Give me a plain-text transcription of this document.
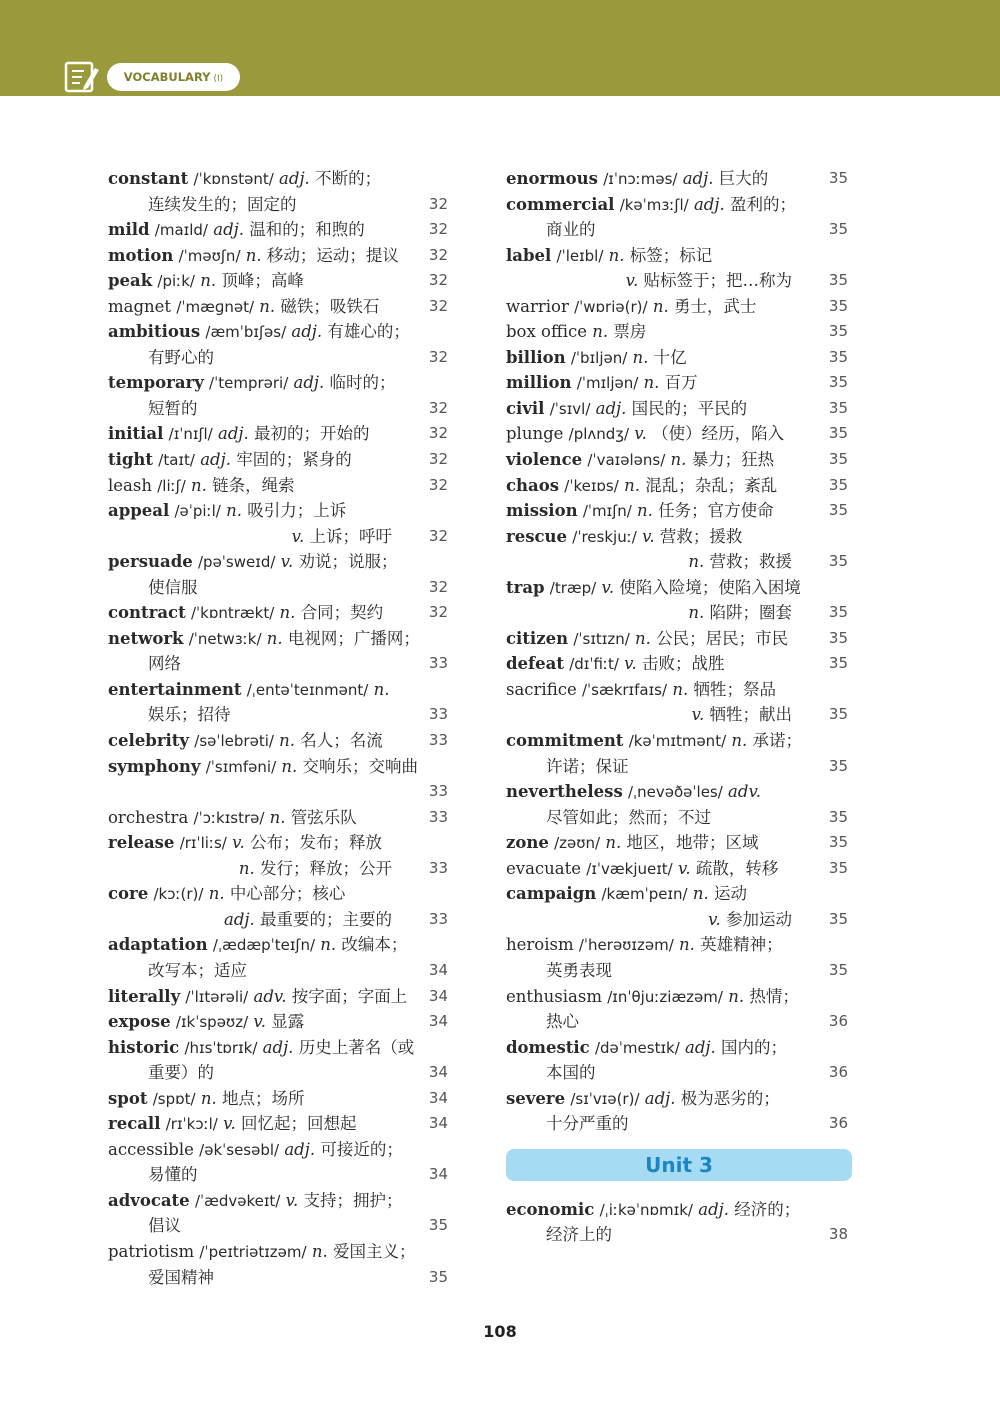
VOCABULARY (I)
constant /ˈkɒnstənt/ adj. 不断的；
连续发生的；固定的	32
mild /maɪld/ adj. 温和的；和煦的	32
motion /ˈməʊʃn/ n. 移动；运动；提议 32
peak /piːk/ n. 顶峰；高峰	32
magnet /ˈmæɡnət/ n. 磁铁；吸铁石	32
ambitious /æmˈbɪʃəs/ adj. 有雄心的；
有野心的	32
temporary /ˈtemprəri/ adj. 临时的；
短暂的	32
initial /ɪˈnɪʃl/ adj. 最初的；开始的	32
tight /taɪt/ adj. 牢固的；紧身的	32
leash /liːʃ/ n. 链条，绳索	32
appeal /əˈpiːl/ n. 吸引力；上诉
v. 上诉；呼吁 32
persuade /pəˈsweɪd/ v. 劝说；说服；
使信服	32
contract /ˈkɒntrækt/ n. 合同；契约	32
network /ˈnetwɜːk/ n. 电视网；广播网；
网络	33
entertainment /ˌentəˈteɪnmənt/ n.
娱乐；招待	33
celebrity /səˈlebrəti/ n. 名人；名流	33
symphony /ˈsɪmfəni/ n. 交响乐；交响曲
33
orchestra /ˈɔːkɪstrə/ n. 管弦乐队	33
release /rɪˈliːs/ v. 公布；发布；释放
n. 发行；释放；公开 33
core /kɔː(r)/ n. 中心部分；核心
adj. 最重要的；主要的 33
adaptation /ˌædæpˈteɪʃn/ n. 改编本；
改写本；适应	34
literally /ˈlɪtərəli/ adv. 按字面；字面上 34
expose /ɪkˈspəʊz/ v. 显露	34
historic /hɪsˈtɒrɪk/ adj. 历史上著名（或
重要）的	34
spot /spɒt/ n. 地点；场所	34
recall /rɪˈkɔːl/ v. 回忆起；回想起	34
accessible /əkˈsesəbl/ adj. 可接近的；
易懂的	34
advocate /ˈædvəkeɪt/ v. 支持；拥护；
倡议	35
patriotism /ˈpeɪtriətɪzəm/ n. 爱国主义；
爱国精神	35
enormous /ɪˈnɔːməs/ adj. 巨大的	35
commercial /kəˈmɜːʃl/ adj. 盈利的；
商业的	35
label /ˈleɪbl/ n. 标签；标记
v. 贴标签于；把…称为 35
warrior /ˈwɒriə(r)/ n. 勇士，武士	35
box office n. 票房	35
billion /ˈbɪljən/ n. 十亿	35
million /ˈmɪljən/ n. 百万	35
civil /ˈsɪvl/ adj. 国民的；平民的	35
plunge /plʌndʒ/ v. （使）经历，陷入	35
violence /ˈvaɪələns/ n. 暴力；狂热	35
chaos /ˈkeɪɒs/ n. 混乱；杂乱；紊乱	35
mission /ˈmɪʃn/ n. 任务；官方使命	35
rescue /ˈreskjuː/ v. 营救；援救
n. 营救；救援 35
trap /træp/ v. 使陷入险境；使陷入困境
n. 陷阱；圈套 35
citizen /ˈsɪtɪzn/ n. 公民；居民；市民	35
defeat /dɪˈfiːt/ v. 击败；战胜	35
sacrifice /ˈsækrɪfaɪs/ n. 牺牲；祭品
v. 牺牲；献出 35
commitment /kəˈmɪtmənt/ n. 承诺；
许诺；保证	35
nevertheless /ˌnevəðəˈles/ adv.
尽管如此；然而；不过	35
zone /zəʊn/ n. 地区，地带；区域	35
evacuate /ɪˈvækjueɪt/ v. 疏散，转移	35
campaign /kæmˈpeɪn/ n. 运动
v. 参加运动 35
heroism /ˈherəʊɪzəm/ n. 英雄精神；
英勇表现	35
enthusiasm /ɪnˈθjuːziæzəm/ n. 热情；
热心	36
domestic /dəˈmestɪk/ adj. 国内的；
本国的	36
severe /sɪˈvɪə(r)/ adj. 极为恶劣的；
十分严重的	36
Unit 3
economic /ˌiːkəˈnɒmɪk/ adj. 经济的；
经济上的	38
108
